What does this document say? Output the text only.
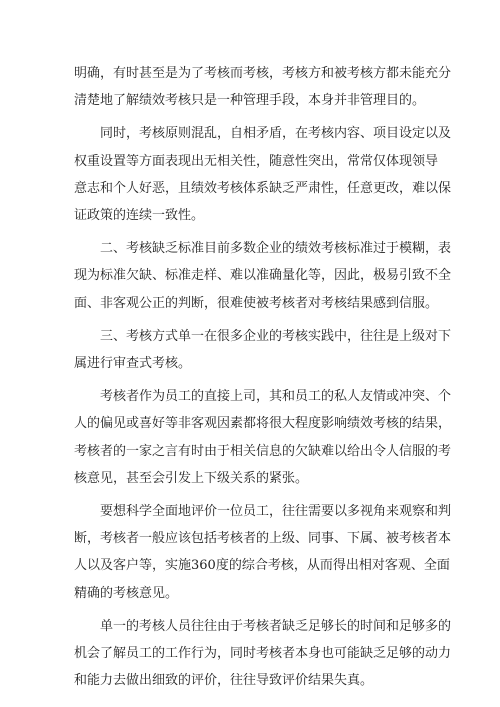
明确，有时甚至是为了考核而考核，考核方和被考核方都未能充分
清楚地了解绩效考核只是一种管理手段，本身并非管理目的。

同时，考核原则混乱，自相矛盾，在考核内容、项目设定以及
权重设置等方面表现出无相关性，随意性突出，常常仅体现领导
意志和个人好恶，且绩效考核体系缺乏严肃性，任意更改，难以保
证政策的连续一致性。

二、考核缺乏标准目前多数企业的绩效考核标准过于模糊，表
现为标准欠缺、标准走样、难以准确量化等，因此，极易引致不全
面、非客观公正的判断，很难使被考核者对考核结果感到信服。

三、考核方式单一在很多企业的考核实践中，往往是上级对下
属进行审查式考核。

考核者作为员工的直接上司，其和员工的私人友情或冲突、个
人的偏见或喜好等非客观因素都将很大程度影响绩效考核的结果，
考核者的一家之言有时由于相关信息的欠缺难以给出令人信服的考
核意见，甚至会引发上下级关系的紧张。

要想科学全面地评价一位员工，往往需要以多视角来观察和判
断，考核者一般应该包括考核者的上级、同事、下属、被考核者本
人以及客户等，实施360度的综合考核，从而得出相对客观、全面
精确的考核意见。

单一的考核人员往往由于考核者缺乏足够长的时间和足够多的
机会了解员工的工作行为，同时考核者本身也可能缺乏足够的动力
和能力去做出细致的评价，往往导致评价结果失真。
